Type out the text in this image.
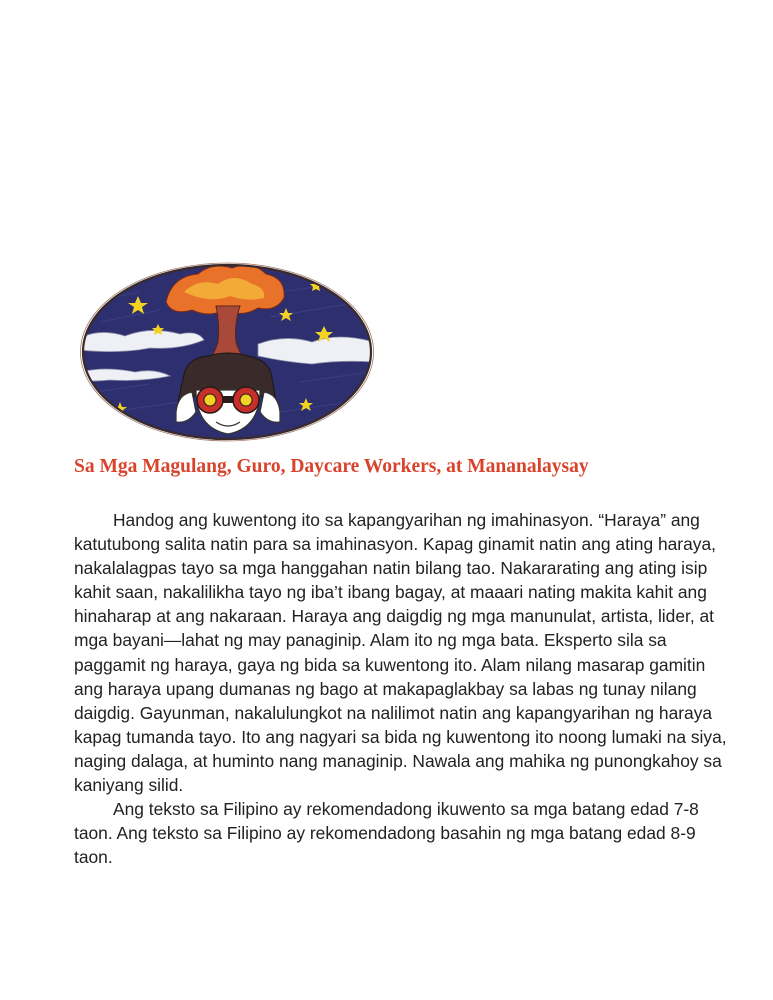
Sa Mga Magulang, Guro, Daycare Workers, at Mananalaysay

Handog ang kuwentong ito sa kapangyarihan ng imahinasyon. “Haraya” ang katutubong salita natin para sa imahinasyon. Kapag ginamit natin ang ating haraya, nakalalagpas tayo sa mga hanggahan natin bilang tao. Nakararating ang ating isip kahit saan, nakalilikha tayo ng iba’t ibang bagay, at maaari nating makita kahit ang hinaharap at ang nakaraan. Haraya ang daigdig ng mga manunulat, artista, lider, at mga bayani—lahat ng may panaginip. Alam ito ng mga bata. Eksperto sila sa paggamit ng haraya, gaya ng bida sa kuwentong ito. Alam nilang masarap gamitin ang haraya upang dumanas ng bago at makapaglakbay sa labas ng tunay nilang daigdig. Gayunman, nakalulungkot na nalilimot natin ang kapangyarihan ng haraya kapag tumanda tayo. Ito ang nagyari sa bida ng kuwentong ito noong lumaki na siya, naging dalaga, at huminto nang managinip. Nawala ang mahika ng punongkahoy sa kaniyang silid.

Ang teksto sa Filipino ay rekomendadong ikuwento sa mga batang edad 7-8 taon. Ang teksto sa Filipino ay rekomendadong basahin ng mga batang edad 8-9 taon.
